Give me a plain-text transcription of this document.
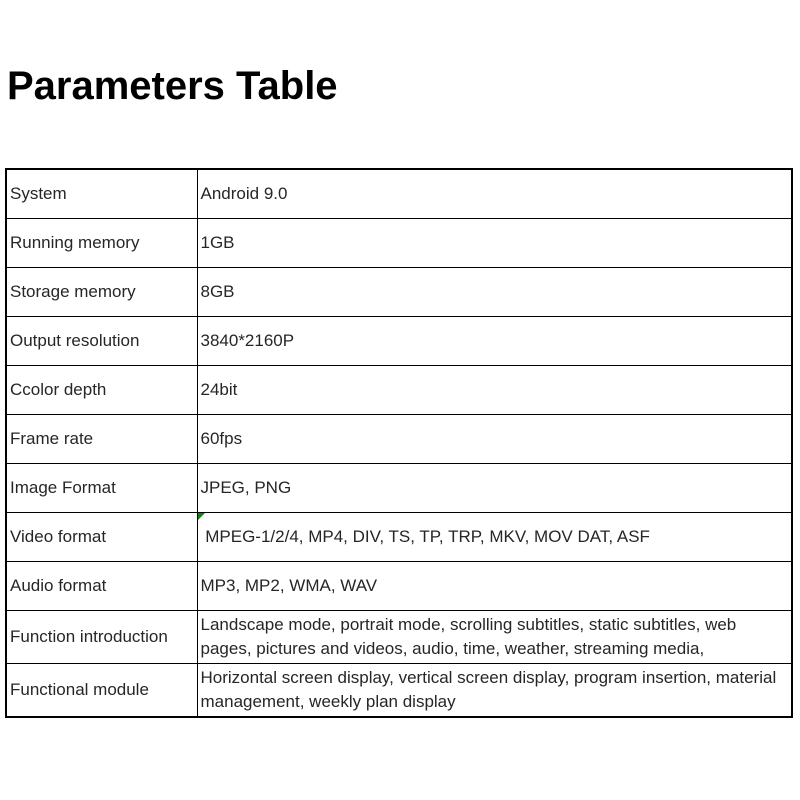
Parameters Table
System	Android 9.0
Running memory	1GB
Storage memory	8GB
Output resolution	3840*2160P
Ccolor depth	24bit
Frame rate	60fps
Image Format	JPEG, PNG
Video format	MPEG-1/2/4, MP4, DIV, TS, TP, TRP, MKV, MOV DAT, ASF
Audio format	MP3, MP2, WMA, WAV
Function introduction	Landscape mode, portrait mode, scrolling subtitles, static subtitles, web pages, pictures and videos, audio, time, weather, streaming media,
Functional module	Horizontal screen display, vertical screen display, program insertion, material management, weekly plan display
